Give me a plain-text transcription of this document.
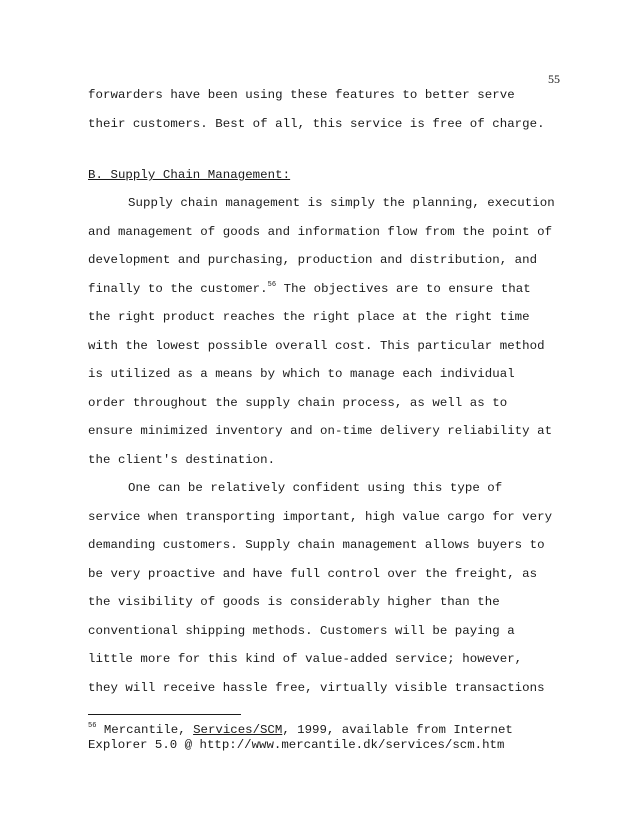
55
forwarders have been using these features to better serve
their customers. Best of all, this service is free of charge.
B. Supply Chain Management:
Supply chain management is simply the planning, execution
and management of goods and information flow from the point of
development and purchasing, production and distribution, and
finally to the customer.$^{56}$ The objectives are to ensure that
the right product reaches the right place at the right time
with the lowest possible overall cost. This particular method
is utilized as a means by which to manage each individual
order throughout the supply chain process, as well as to
ensure minimized inventory and on-time delivery reliability at
the client's destination.
One can be relatively confident using this type of
service when transporting important, high value cargo for very
demanding customers. Supply chain management allows buyers to
be very proactive and have full control over the freight, as
the visibility of goods is considerably higher than the
conventional shipping methods. Customers will be paying a
little more for this kind of value-added service; however,
they will receive hassle free, virtually visible transactions
$^{56}$ Mercantile, Services/SCM, 1999, available from Internet
Explorer 5.0 @ http://www.mercantile.dk/services/scm.htm
